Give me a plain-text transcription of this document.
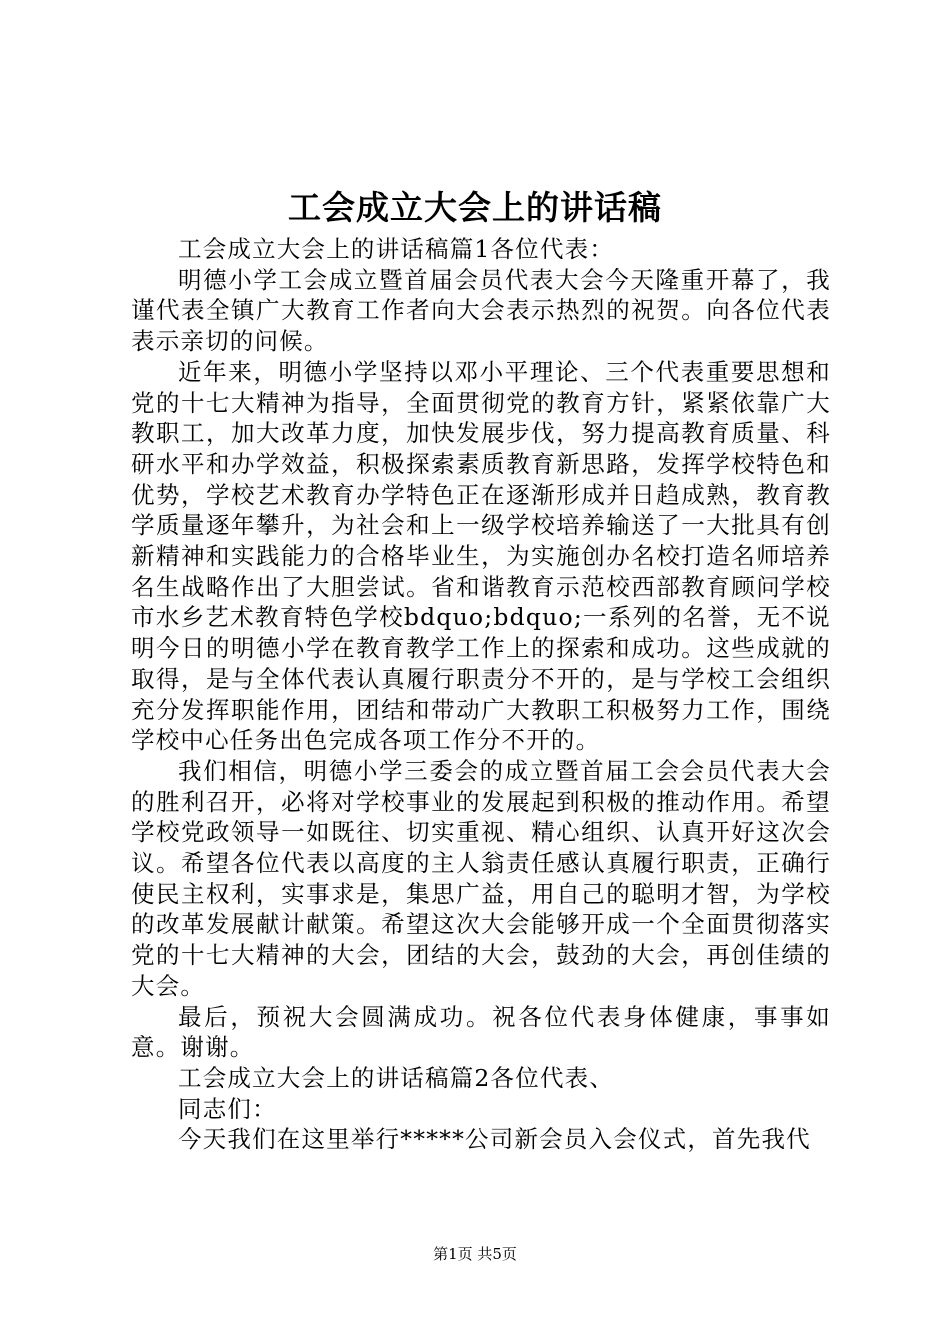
工会成立大会上的讲话稿

工会成立大会上的讲话稿篇1各位代表：

明德小学工会成立暨首届会员代表大会今天隆重开幕了，我谨代表全镇广大教育工作者向大会表示热烈的祝贺。向各位代表表示亲切的问候。

近年来，明德小学坚持以邓小平理论、三个代表重要思想和党的十七大精神为指导，全面贯彻党的教育方针，紧紧依靠广大教职工，加大改革力度，加快发展步伐，努力提高教育质量、科研水平和办学效益，积极探索素质教育新思路，发挥学校特色和优势，学校艺术教育办学特色正在逐渐形成并日趋成熟，教育教学质量逐年攀升，为社会和上一级学校培养输送了一大批具有创新精神和实践能力的合格毕业生，为实施创办名校打造名师培养名生战略作出了大胆尝试。省和谐教育示范校西部教育顾问学校市水乡艺术教育特色学校bdquo;bdquo;一系列的名誉，无不说明今日的明德小学在教育教学工作上的探索和成功。这些成就的取得，是与全体代表认真履行职责分不开的，是与学校工会组织充分发挥职能作用，团结和带动广大教职工积极努力工作，围绕学校中心任务出色完成各项工作分不开的。

我们相信，明德小学三委会的成立暨首届工会会员代表大会的胜利召开，必将对学校事业的发展起到积极的推动作用。希望学校党政领导一如既往、切实重视、精心组织、认真开好这次会议。希望各位代表以高度的主人翁责任感认真履行职责，正确行使民主权利，实事求是，集思广益，用自己的聪明才智，为学校的改革发展献计献策。希望这次大会能够开成一个全面贯彻落实党的十七大精神的大会，团结的大会，鼓劲的大会，再创佳绩的大会。

最后，预祝大会圆满成功。祝各位代表身体健康，事事如意。谢谢。

工会成立大会上的讲话稿篇2各位代表、

同志们：

今天我们在这里举行*****公司新会员入会仪式，首先我代

第1页 共5页
